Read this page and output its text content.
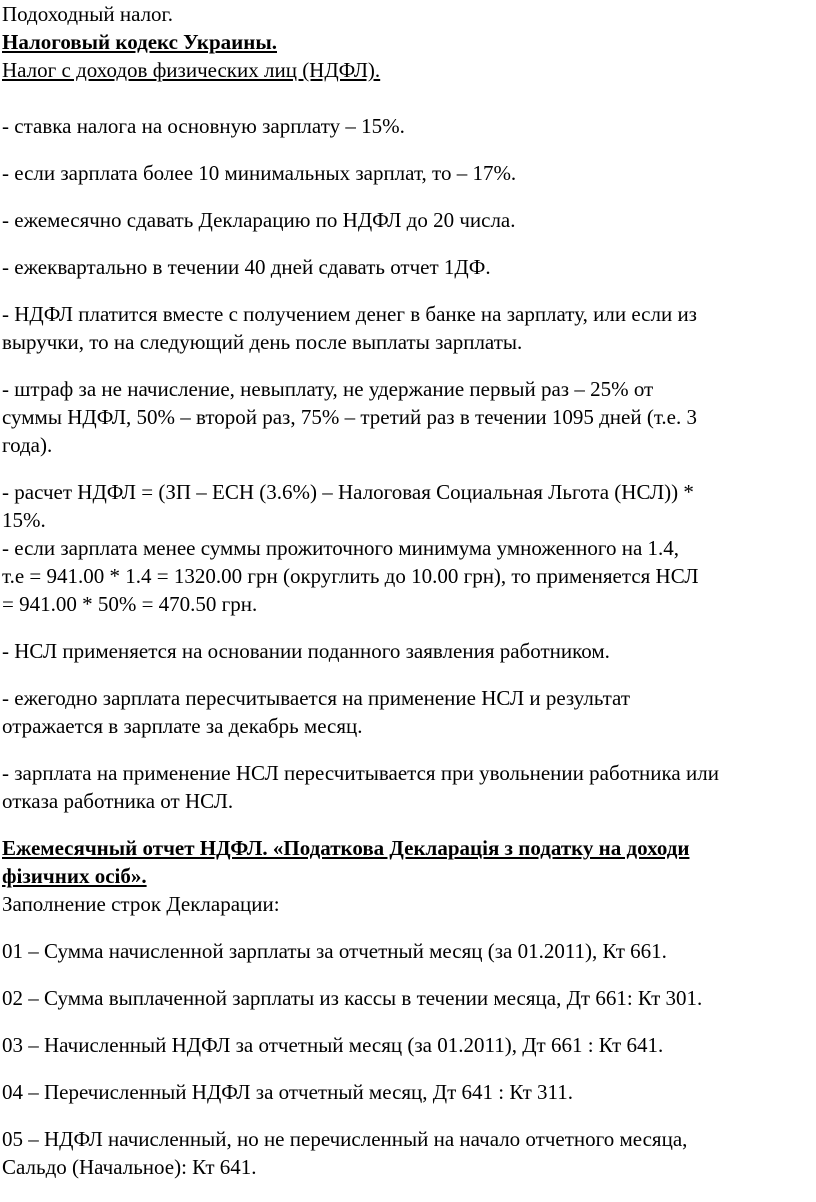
Подоходный налог.
Налоговый кодекс Украины.
Налог с доходов физических лиц (НДФЛ).
- ставка налога на основную зарплату – 15%.
- если зарплата более 10 минимальных зарплат, то – 17%.
- ежемесячно сдавать Декларацию по НДФЛ до 20 числа.
- ежеквартально в течении 40 дней сдавать отчет 1ДФ.
- НДФЛ платится вместе с получением денег в банке на зарплату, или если из
выручки, то на следующий день после выплаты зарплаты.
- штраф за не начисление, невыплату, не удержание первый раз – 25% от
суммы НДФЛ, 50% – второй раз, 75% – третий раз в течении 1095 дней (т.е. 3
года).
- расчет НДФЛ = (ЗП – ЕСН (3.6%) – Налоговая Социальная Льгота (НСЛ)) *
15%.
- если зарплата менее суммы прожиточного минимума умноженного на 1.4,
т.е = 941.00 * 1.4 = 1320.00 грн (округлить до 10.00 грн), то применяется НСЛ
= 941.00 * 50% = 470.50 грн.
- НСЛ применяется на основании поданного заявления работником.
- ежегодно зарплата пересчитывается на применение НСЛ и результат
отражается в зарплате за декабрь месяц.
- зарплата на применение НСЛ пересчитывается при увольнении работника или
отказа работника от НСЛ.
Ежемесячный отчет НДФЛ. «Податкова Декларація з податку на доходи
фізичних осіб».
Заполнение строк Декларации:
01 – Сумма начисленной зарплаты за отчетный месяц (за 01.2011), Кт 661.
02 – Сумма выплаченной зарплаты из кассы в течении месяца, Дт 661: Кт 301.
03 – Начисленный НДФЛ за отчетный месяц (за 01.2011), Дт 661 : Кт 641.
04 – Перечисленный НДФЛ за отчетный месяц, Дт 641 : Кт 311.
05 – НДФЛ начисленный, но не перечисленный на начало отчетного месяца,
Сальдо (Начальное): Кт 641.
